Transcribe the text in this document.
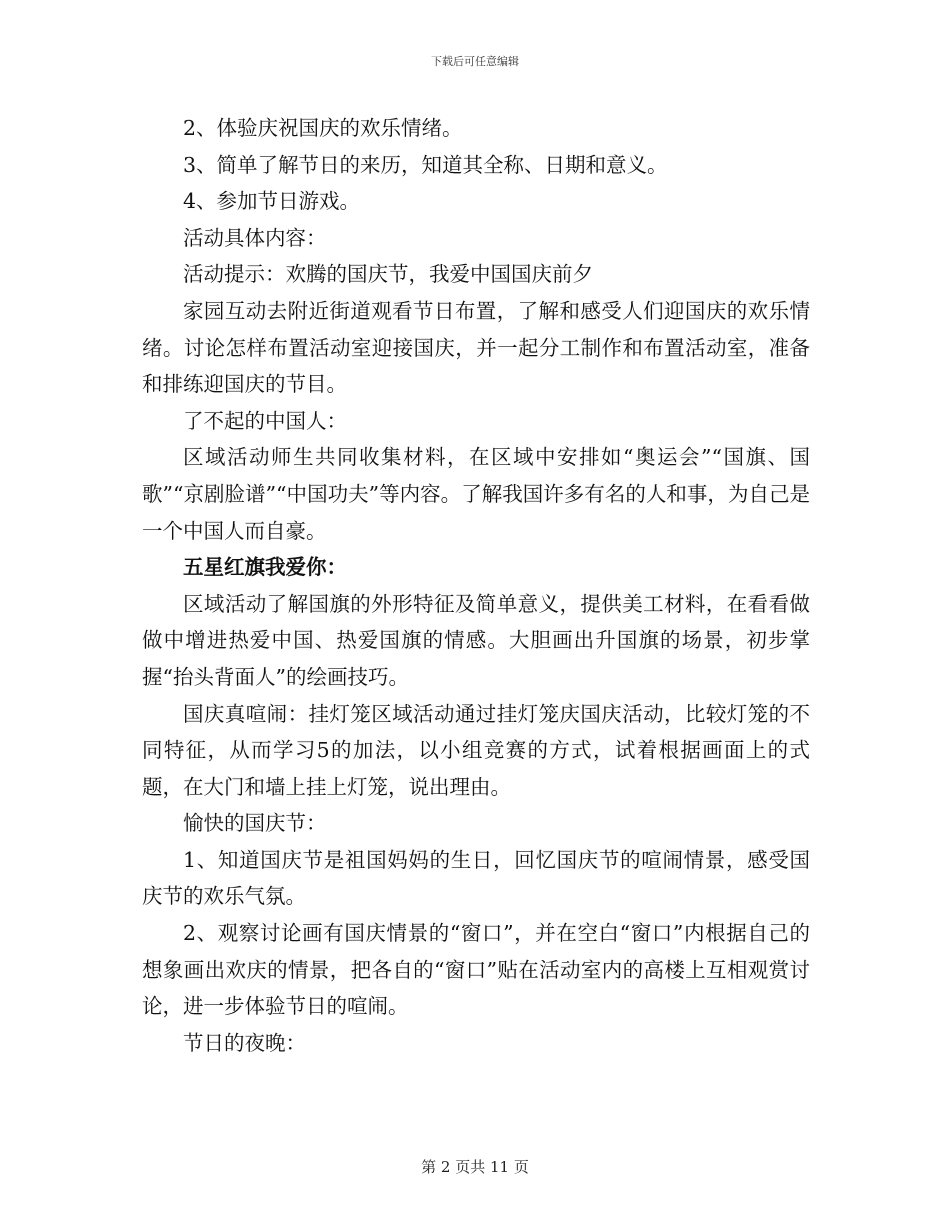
下载后可任意编辑

2、体验庆祝国庆的欢乐情绪。

3、简单了解节日的来历，知道其全称、日期和意义。

4、参加节日游戏。

活动具体内容：

活动提示：欢腾的国庆节，我爱中国国庆前夕

家园互动去附近街道观看节日布置，了解和感受人们迎国庆的欢乐情绪。讨论怎样布置活动室迎接国庆，并一起分工制作和布置活动室，准备和排练迎国庆的节目。

了不起的中国人：

区域活动师生共同收集材料，在区域中安排如“奥运会”“国旗、国歌”“京剧脸谱”“中国功夫”等内容。了解我国许多有名的人和事，为自己是一个中国人而自豪。

五星红旗我爱你：

区域活动了解国旗的外形特征及简单意义，提供美工材料，在看看做做中增进热爱中国、热爱国旗的情感。大胆画出升国旗的场景，初步掌握“抬头背面人”的绘画技巧。

国庆真喧闹：挂灯笼区域活动通过挂灯笼庆国庆活动，比较灯笼的不同特征，从而学习5的加法，以小组竞赛的方式，试着根据画面上的式题，在大门和墙上挂上灯笼，说出理由。

愉快的国庆节：

1、知道国庆节是祖国妈妈的生日，回忆国庆节的喧闹情景，感受国庆节的欢乐气氛。

2、观察讨论画有国庆情景的“窗口”，并在空白“窗口”内根据自己的想象画出欢庆的情景，把各自的“窗口”贴在活动室内的高楼上互相观赏讨论，进一步体验节日的喧闹。

节日的夜晚：

第 2 页共 11 页
